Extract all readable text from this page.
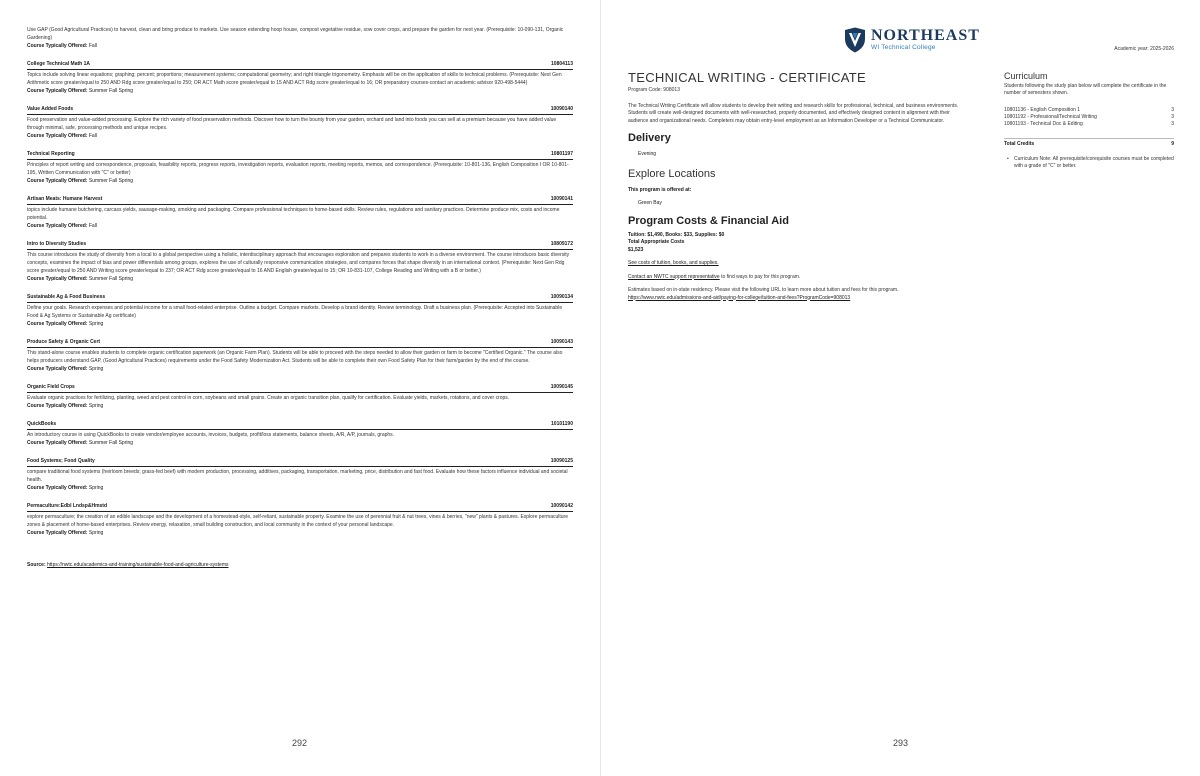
Use GAP (Good Agricultural Practices) to harvest, clean and bring produce to markets. Use season extending hoop house, compost vegetative residue, sow cover crops, and prepare the garden for next year. (Prerequisite: 10-090-131, Organic Gardening)
Course Typically Offered: Fall
College Technical Math 1A	10804113
Topics include solving linear equations; graphing; percent; proportions; measurement systems; computational geometry; and right triangle trigonometry. Emphasis will be on the application of skills to technical problems. (Prerequisite: Next Gen Arithmetic score greater/equal to 250 AND Rdg score greater/equal to 250; OR ACT Math score greater/equal to 15 AND ACT Rdg score greater/equal to 16; OR preparatory courses-contact an academic advisor 920-498-5444)
Course Typically Offered: Summer Fall Spring
Value Added Foods	10090140
Food preservation and value-added processing. Explore the rich variety of food preservation methods. Discover how to turn the bounty from your garden, orchard and land into foods you can sell at a premium because you have added value through minimal, safe, processing methods and unique recipes.
Course Typically Offered: Fall
Technical Reporting	10801197
Principles of report writing and correspondence, proposals, feasibility reports, progress reports, investigation reports, evaluation reports, meeting reports, memos, and correspondence. (Prerequisite: 10-801-136, English Composition I OR 10-801-195, Written Communication with "C" or better)
Course Typically Offered: Summer Fall Spring
Artisan Meats: Humane Harvest	10090141
topics include humane butchering, carcass yields, sausage-making, smoking and packaging. Compare professional techniques to home-based skills. Review rules, regulations and sanitary practices. Determine produce mix, costs and income potential.
Course Typically Offered: Fall
Intro to Diversity Studies	10809172
This course introduces the study of diversity from a local to a global perspective using a holistic, interdisciplinary approach that encourages exploration and prepares students to work in a diverse environment. The course introduces basic diversity concepts, examines the impact of bias and power differentials among groups, explores the use of culturally responsive communication strategies, and compares forces that shape diversity in an international context. (Prerequisite: Next Gen Rdg score greater/equal to 250 AND Writing score greater/equal to 237; OR ACT Rdg score greater/equal to 16 AND English greater/equal to 15; OR 10-831-107, College Reading and Writing with a B or better.)
Course Typically Offered: Summer Fall Spring
Sustainable Ag & Food Business	10090134
Define your goals. Research expenses and potential income for a small food-related enterprise. Outline a budget. Compare markets. Develop a brand identity. Review terminology. Draft a business plan. (Prerequisite: Accepted into Sustainable Food & Ag Systems or Sustainable Ag certificate)
Course Typically Offered: Spring
Produce Safety & Organic Cert	10090143
This stand-alone course enables students to complete organic certification paperwork (an Organic Farm Plan). Students will be able to proceed with the steps needed to allow their garden or farm to become "Certified Organic." The course also helps producers understand GAP, (Good Agricultural Practices) requirements under the Food Safety Modernization Act. Students will be able to complete their own Food Safety Plan for their farm/garden by the end of the course.
Course Typically Offered: Spring
Organic Field Crops	10090145
Evaluate organic practices for fertilizing, planting, weed and pest control in corn, soybeans and small grains. Create an organic transition plan, qualify for certification. Evaluate yields, markets, rotations, and cover crops.
Course Typically Offered: Spring
QuickBooks	10101190
An introductory course in using QuickBooks to create vendor/employee accounts, invoices, budgets, profit/loss statements, balance sheets, A/R, A/P, journals, graphs.
Course Typically Offered: Summer Fall Spring
Food Systems; Food Quality	10090125
compare traditional food systems (heirloom breeds; grass-fed beef) with modern production, processing, additives, packaging, transportation, marketing, price, distribution and fast food. Evaluate how these factors influence individual and societal health.
Course Typically Offered: Spring
Permaculture:Edbl Lndsp&Hmstd	10090142
explore permaculture; the creation of an edible landscape and the development of a homestead-style, self-reliant, sustainable property. Examine the use of perennial fruit & nut trees, vines & berries, "new" plants & pastures. Explore permaculture zones & placement of home-based enterprises. Review energy, relaxation, small building construction, and local community in the context of your personal landscape.
Course Typically Offered: Spring
Source: https://nwtc.edu/academics-and-training/sustainable-food-and-agriculture-systems
292
NORTHEAST
WI Technical College	Academic year: 2025-2026
TECHNICAL WRITING - CERTIFICATE
Program Code: 908013
The Technical Writing Certificate will allow students to develop their writing and research skills for professional, technical, and business environments. Students will create well-designed documents with well-researched, properly documented, and effectively designed content in alignment with their audience and organizational needs. Completers may obtain entry-level employment as an Information Developer or a Technical Communicator.
Delivery
Evening
Explore Locations
This program is offered at:
Green Bay
Program Costs & Financial Aid
Tuition: $1,490, Books: $33, Supplies: $0
Total Appropriate Costs
$1,523
See costs of tuition, books, and supplies.
Contact an NWTC support representative to find ways to pay for this program.
Estimates based on in-state residency. Please visit the following URL to learn more about tuition and fees for this program.
https://www.nwtc.edu/admissions-and-aid/paying-for-college/tuition-and-fees?ProgramCode=908013
Curriculum
Students following the study plan below will complete the certificate in the number of semesters shown.
10801136 - English Composition 1	3
10801192 - Professional/Technical Writing	3
10801193 - Technical Doc & Editing	3
Total Credits	9
• Curriculum Note: All prerequisite/corequisite courses must be completed with a grade of "C" or better.
293
